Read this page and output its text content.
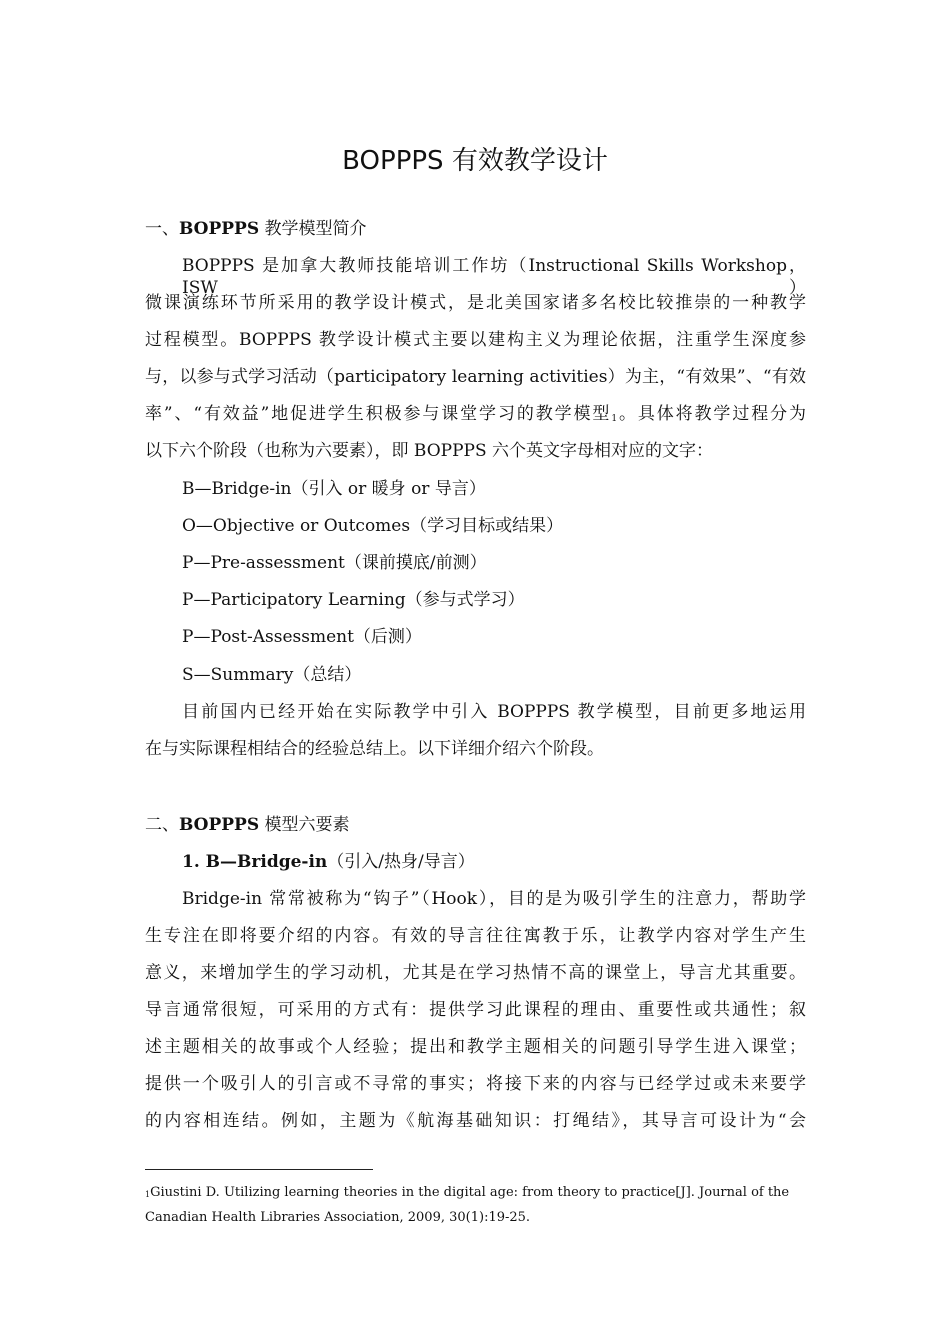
BOPPPS 有效教学设计
一、BOPPPS 教学模型简介
BOPPPS 是加拿大教师技能培训工作坊（Instructional Skills Workshop，ISW）
微课演练环节所采用的教学设计模式，是北美国家诸多名校比较推崇的一种教学
过程模型。BOPPPS 教学设计模式主要以建构主义为理论依据，注重学生深度参
与，以参与式学习活动（participatory learning activities）为主，“有效果”、“有效
率”、“有效益”地促进学生积极参与课堂学习的教学模型$^1$。具体将教学过程分为
以下六个阶段（也称为六要素），即 BOPPPS 六个英文字母相对应的文字：
B—Bridge-in（引入 or 暖身 or 导言）
O—Objective or Outcomes（学习目标或结果）
P—Pre-assessment（课前摸底/前测）
P—Participatory Learning（参与式学习）
P—Post-Assessment（后测）
S—Summary（总结）
目前国内已经开始在实际教学中引入 BOPPPS 教学模型，目前更多地运用
在与实际课程相结合的经验总结上。以下详细介绍六个阶段。
二、BOPPPS 模型六要素
1. B—Bridge-in（引入/热身/导言）
Bridge-in 常常被称为“钩子”（Hook），目的是为吸引学生的注意力，帮助学
生专注在即将要介绍的内容。有效的导言往往寓教于乐，让教学内容对学生产生
意义，来增加学生的学习动机，尤其是在学习热情不高的课堂上，导言尤其重要。
导言通常很短，可采用的方式有：提供学习此课程的理由、重要性或共通性；叙
述主题相关的故事或个人经验；提出和教学主题相关的问题引导学生进入课堂；
提供一个吸引人的引言或不寻常的事实；将接下来的内容与已经学过或未来要学
的内容相连结。例如，主题为《航海基础知识：打绳结》，其导言可设计为“会
$^1$Giustini D. Utilizing learning theories in the digital age: from theory to practice[J]. Journal of the
Canadian Health Libraries Association, 2009, 30(1):19-25.
